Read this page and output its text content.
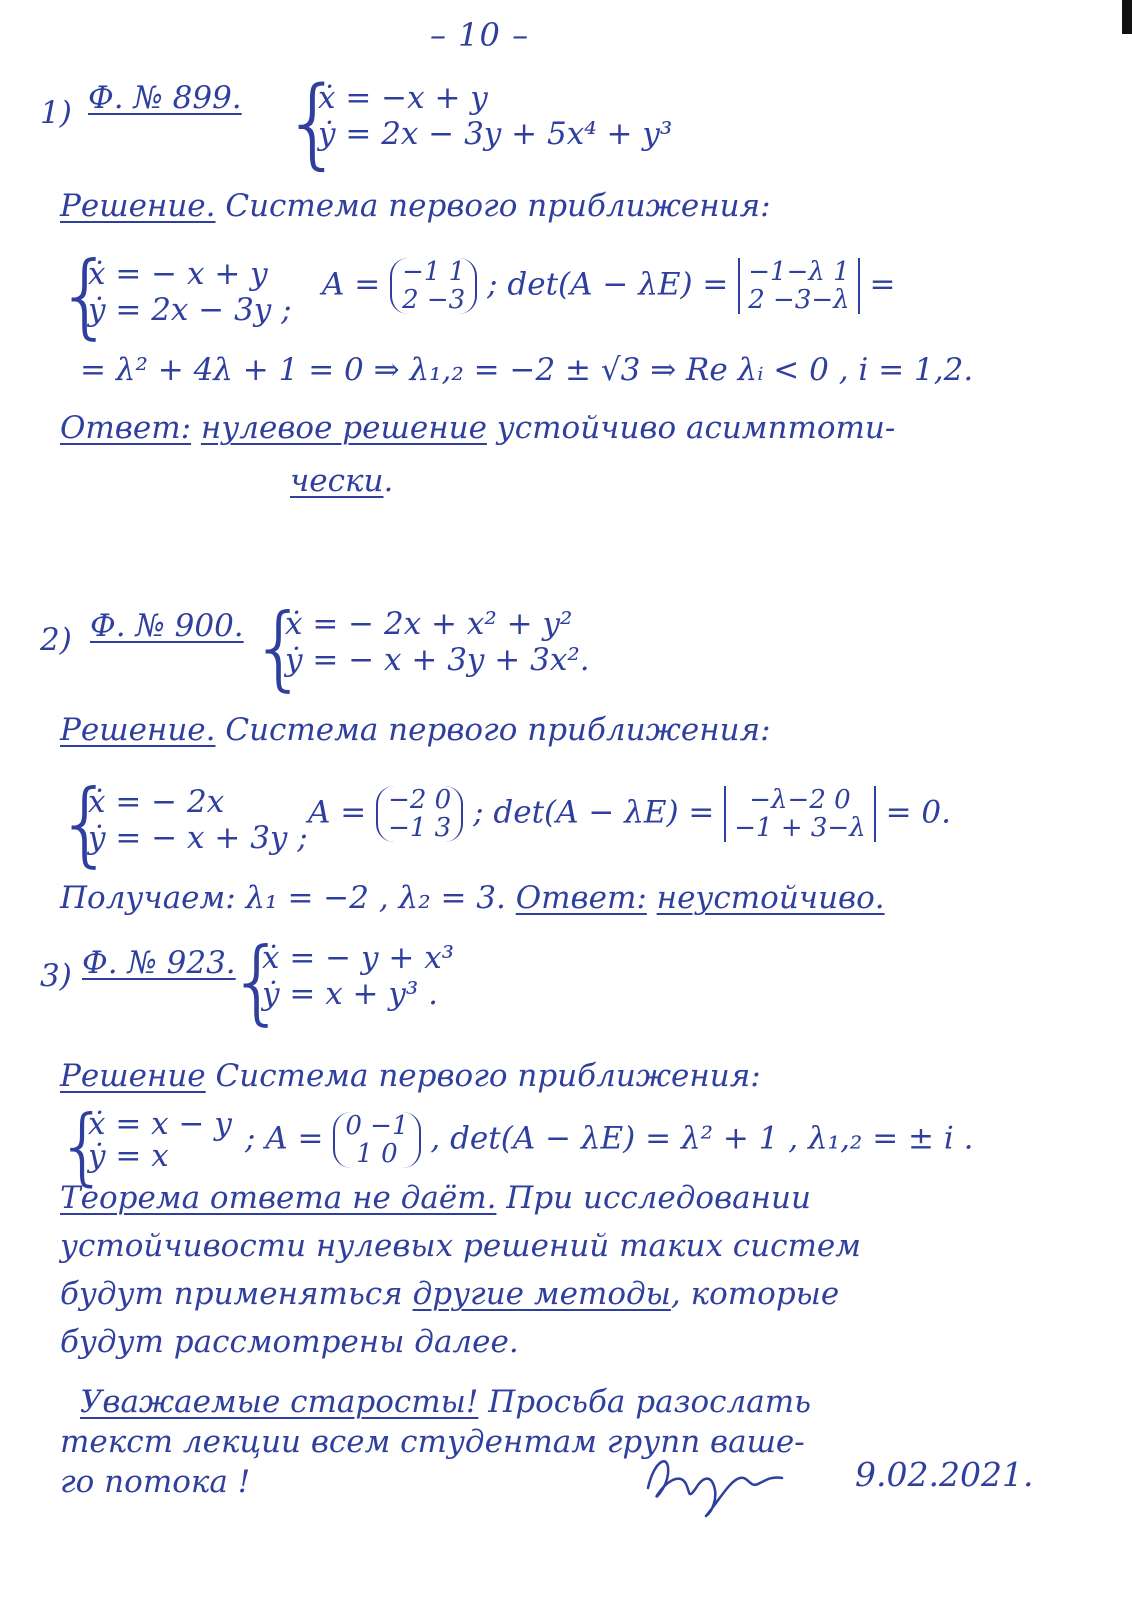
– 10 –
1) Ф. № 899. {
ẋ = −x + y
ẏ = 2x − 3y + 5x⁴ + y³
Решение. Система первого приближения:
{
ẋ = − x + y
ẏ = 2x − 3y ;
A = −1 1
2 −3 ; det(A − λE) = −1−λ 1
2 −3−λ =
= λ² + 4λ + 1 = 0 ⇒ λ₁,₂ = −2 ± √3 ⇒ Re λᵢ < 0 , i = 1,2.
Ответ: нулевое решение устойчиво асимптоти-
чески.
2) Ф. № 900. {
ẋ = − 2x + x² + y²
ẏ = − x + 3y + 3x².
Решение. Система первого приближения:
{
ẋ = − 2x
ẏ = − x + 3y ;
A = −2 0
−1 3 ; det(A − λE) =	−λ−2 0
−1 + 3−λ = 0.
Получаем: λ₁ = −2 , λ₂ = 3. Ответ: неустойчиво.
3) Ф. № 923.
{
ẋ = − y + x³
ẏ = x + y³ .
Решение Система первого приближения:
{
ẋ = x − y
ẏ = x	; A = 0 −1
1 0	, det(A − λE) = λ² + 1 , λ₁,₂ = ± i .
Теорема ответа не даёт. При исследовании
устойчивости нулевых решений таких систем
будут применяться другие методы, которые
будут рассмотрены далее.
Уважаемые старосты! Просьба разослать
текст лекции всем студентам групп ваше-
го потока !	9.02.2021.
